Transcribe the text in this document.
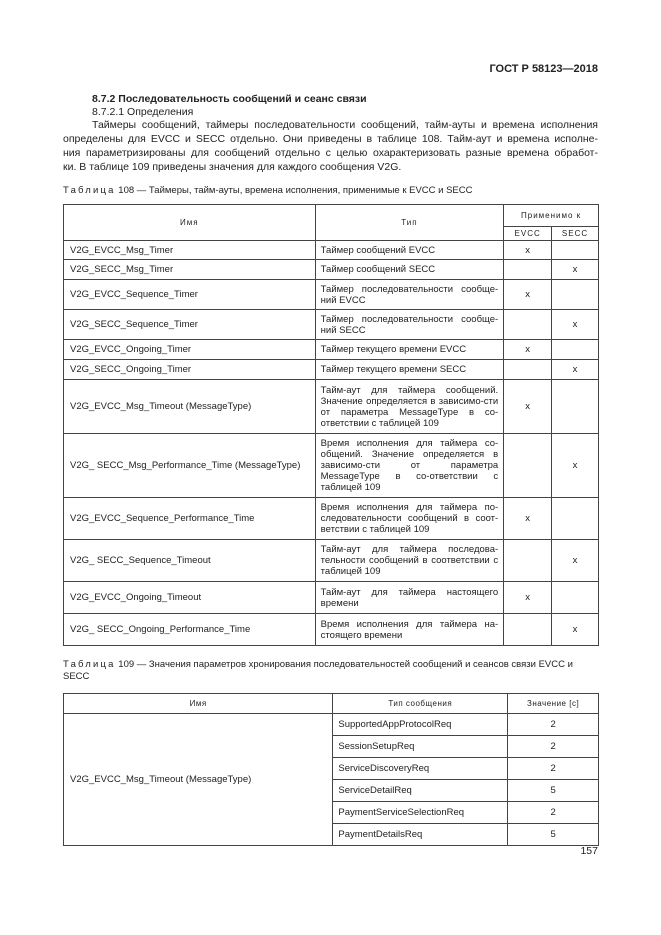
ГОСТ Р 58123—2018
8.7.2 Последовательность сообщений и сеанс связи
8.7.2.1 Определения

Таймеры сообщений, таймеры последовательности сообщений, тайм-ауты и времена исполнения
определены для EVCC и SECC отдельно. Они приведены в таблице 108. Тайм-аут и времена исполне-
ния параметризированы для сообщений отдельно с целью охарактеризовать разные времена обработ-
ки. В таблице 109 приведены значения для каждого сообщения V2G.

Таблица 108 — Таймеры, тайм-ауты, времена исполнения, применимые к EVCC и SECC
Имя	Тип	Применимо к	
		EVCC	SECC
V2G_EVCC_Msg_Timer	Таймер сообщений EVCC	x	
V2G_SECC_Msg_Timer	Таймер сообщений SECC		x
V2G_EVCC_Sequence_Timer	Таймер последовательности сообще-ний EVCC	x	
V2G_SECC_Sequence_Timer	Таймер последовательности сообще-ний SECC		x
V2G_EVCC_Ongoing_Timer	Таймер текущего времени EVCC	x	
V2G_SECC_Ongoing_Timer	Таймер текущего времени SECC		x
V2G_EVCC_Msg_Timeout (MessageType)	Тайм-аут для таймера сообщений. Значение определяется в зависимо-сти от параметра MessageType в со-ответствии с таблицей 109	x	
V2G_ SECC_Msg_Performance_Time (MessageType)	Время исполнения для таймера со-общений. Значение определяется в зависимо-сти от параметра MessageType в со-ответствии с таблицей 109		x
V2G_EVCC_Sequence_Performance_Time	Время исполнения для таймера по-следовательности сообщений в соот-ветствии с таблицей 109	x	
V2G_ SECC_Sequence_Timeout	Тайм-аут для таймера последова-тельности сообщений в соответствии с таблицей 109		x
V2G_EVCC_Ongoing_Timeout	Тайм-аут для таймера настоящего времени	x	
V2G_ SECC_Ongoing_Performance_Time	Время исполнения для таймера на-стоящего времени		x
Таблица 109 — Значения параметров хронирования последовательностей сообщений и сеансов связи EVCC и SECC
Имя	Тип сообщения	Значение [с]
V2G_EVCC_Msg_Timeout (MessageType)	SupportedAppProtocolReq	2
	SessionSetupReq	2
	ServiceDiscoveryReq	2
	ServiceDetailReq	5
	PaymentServiceSelectionReq	2
	PaymentDetailsReq	5
157
